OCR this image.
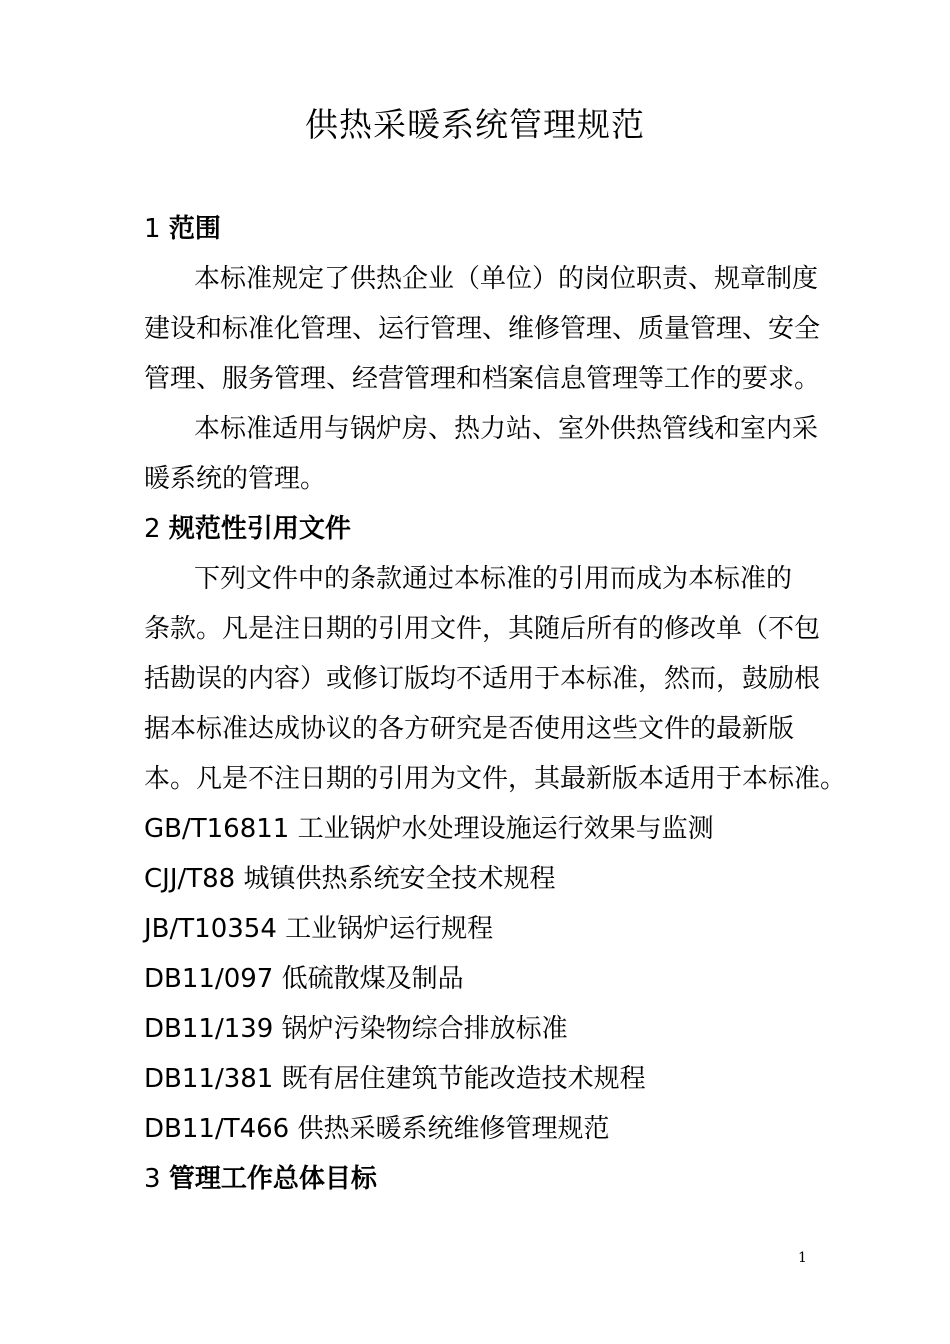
供热采暖系统管理规范
1 范围
本标准规定了供热企业（单位）的岗位职责、规章制度
建设和标准化管理、运行管理、维修管理、质量管理、安全
管理、服务管理、经营管理和档案信息管理等工作的要求。
本标准适用与锅炉房、热力站、室外供热管线和室内采
暖系统的管理。
2 规范性引用文件
下列文件中的条款通过本标准的引用而成为本标准的
条款。凡是注日期的引用文件，其随后所有的修改单（不包
括勘误的内容）或修订版均不适用于本标准，然而，鼓励根
据本标准达成协议的各方研究是否使用这些文件的最新版
本。凡是不注日期的引用为文件，其最新版本适用于本标准。
GB/T16811 工业锅炉水处理设施运行效果与监测
CJJ/T88 城镇供热系统安全技术规程
JB/T10354 工业锅炉运行规程
DB11/097 低硫散煤及制品
DB11/139 锅炉污染物综合排放标准
DB11/381 既有居住建筑节能改造技术规程
DB11/T466 供热采暖系统维修管理规范
3 管理工作总体目标
1
